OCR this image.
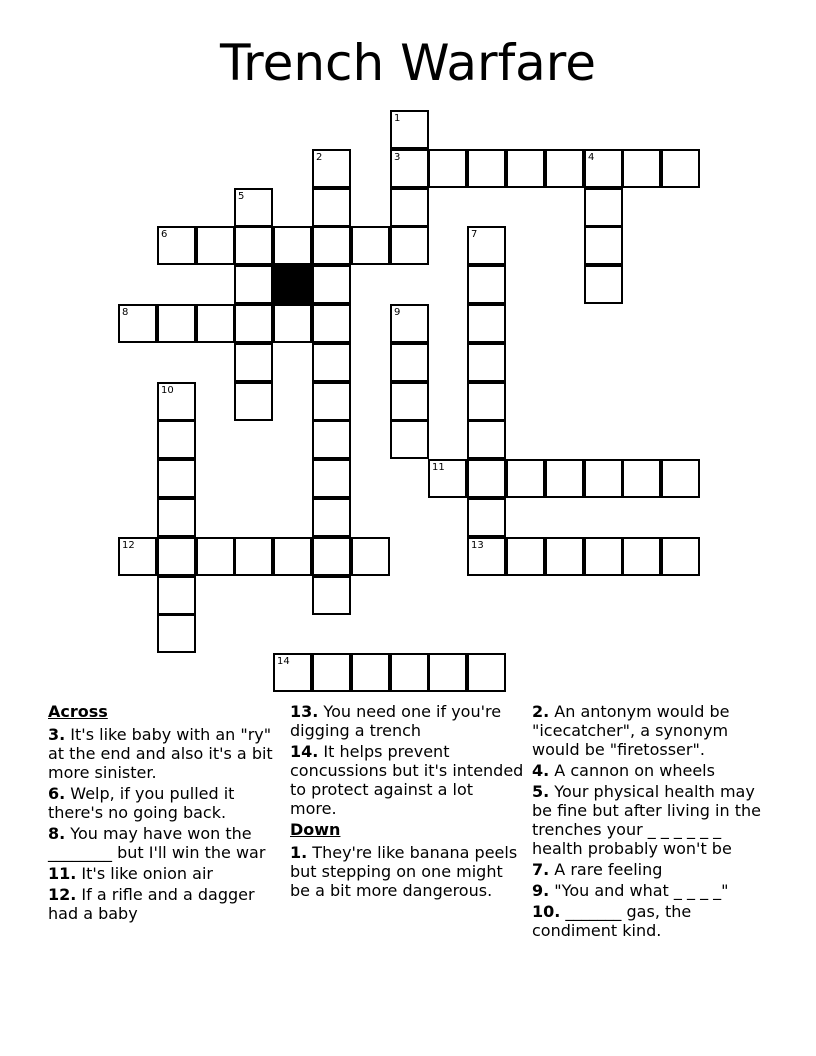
Trench Warfare
1
2	3	4
5
6	7
8	9
10
11
12	13
14
Across
3. It's like baby with an "ry" at the end and also it's a bit more sinister.
6. Welp, if you pulled it there's no going back.
8. You may have won the ________ but I'll win the war
11. It's like onion air
12. If a rifle and a dagger had a baby
13. You need one if you're digging a trench
14. It helps prevent concussions but it's intended to protect against a lot more.
Down
1. They're like banana peels but stepping on one might be a bit more dangerous.
2. An antonym would be "icecatcher", a synonym would be "firetosser".
4. A cannon on wheels
5. Your physical health may be fine but after living in the trenches your _ _ _ _ _ _ health probably won't be
7. A rare feeling
9. "You and what _ _ _ _"
10. _______ gas, the condiment kind.
